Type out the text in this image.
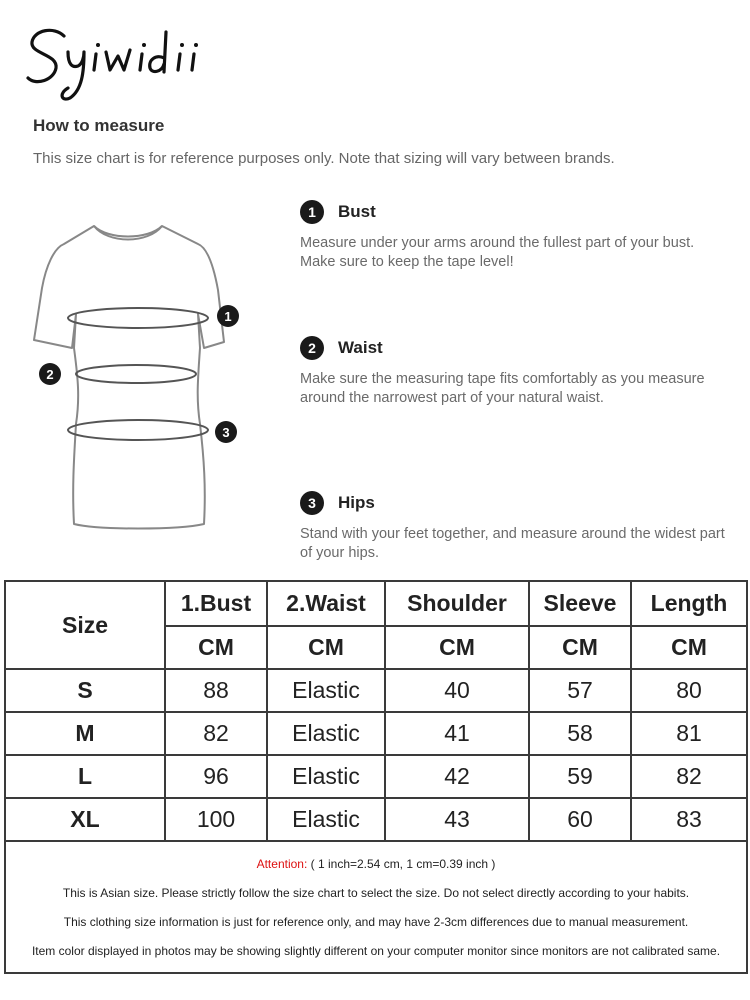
How to measure
This size chart is for reference purposes only. Note that sizing will vary between brands.
1
2
3
1	Bust
Measure under your arms around the fullest part of your bust. Make sure to keep the tape level!
2	Waist
Make sure the measuring tape fits comfortably as you measure around the narrowest part of your natural waist.
3	Hips
Stand with your feet together, and measure around the widest part of your hips.
Size	1.Bust	2.Waist	Shoulder	Sleeve	Length
	CM	CM	CM	CM	CM
S	88	Elastic	40	57	80
M	82	Elastic	41	58	81
L	96	Elastic	42	59	82
XL	100	Elastic	43	60	83

Attention: ( 1 inch=2.54 cm, 1 cm=0.39 inch )
This is Asian size. Please strictly follow the size chart to select the size. Do not select directly according to your habits.
This clothing size information is just for reference only, and may have 2-3cm differences due to manual measurement.
Item color displayed in photos may be showing slightly different on your computer monitor since monitors are not calibrated same.					
